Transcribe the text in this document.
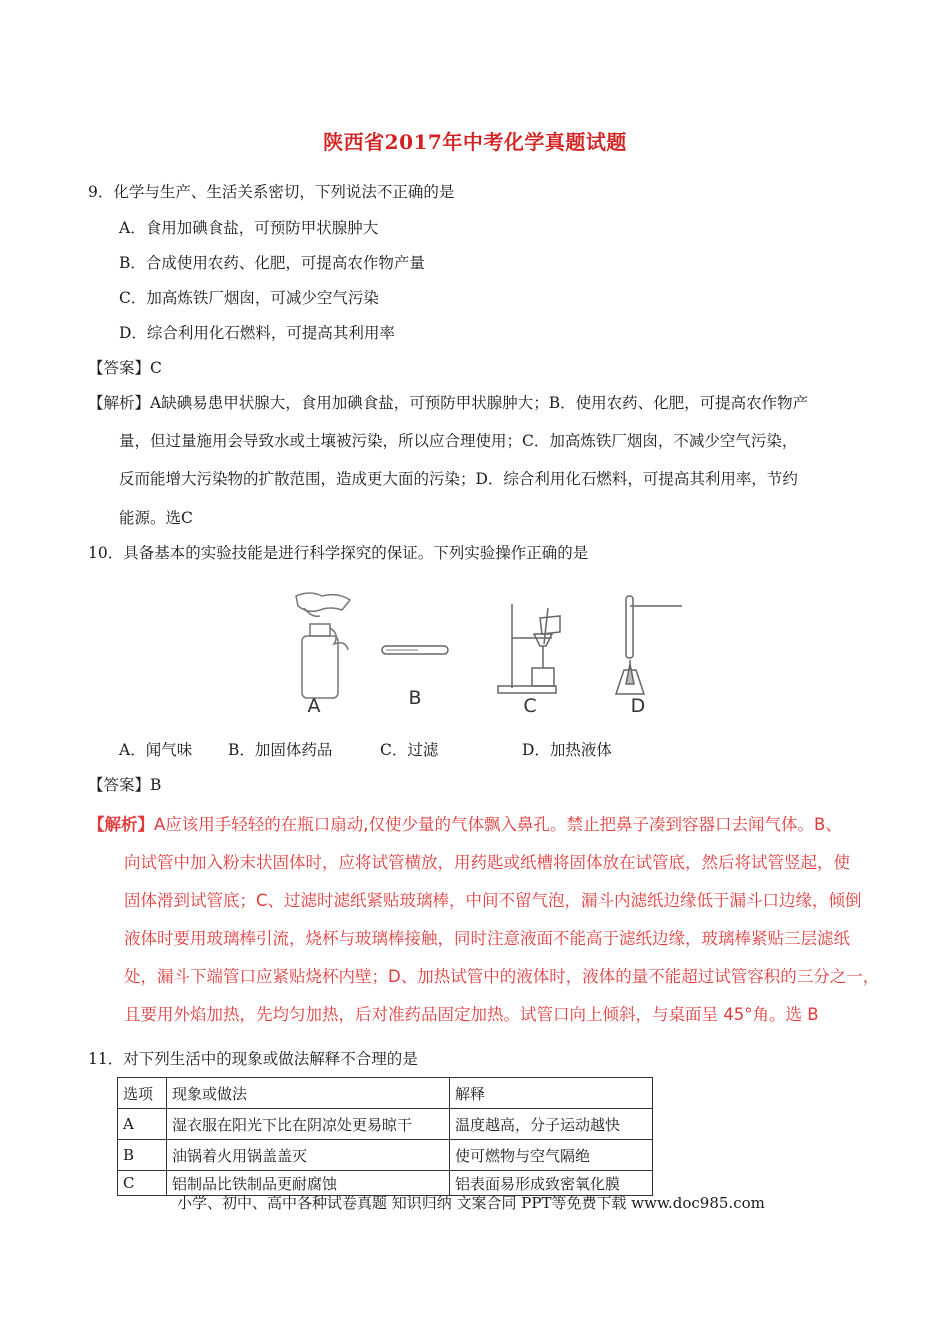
陕西省2017年中考化学真题试题
9．化学与生产、生活关系密切，下列说法不正确的是
A．食用加碘食盐，可预防甲状腺肿大
B．合成使用农药、化肥，可提高农作物产量
C．加高炼铁厂烟囱，可减少空气污染
D．综合利用化石燃料，可提高其利用率
【答案】C
【解析】A缺碘易患甲状腺大，食用加碘食盐，可预防甲状腺肿大；B．使用农药、化肥，可提高农作物产
量，但过量施用会导致水或土壤被污染，所以应合理使用；C．加高炼铁厂烟囱，不减少空气污染，
反而能增大污染物的扩散范围，造成更大面的污染；D．综合利用化石燃料，可提高其利用率，节约
能源。选C
10．具备基本的实验技能是进行科学探究的保证。下列实验操作正确的是
A	B	C	D
A．闻气味 B．加固体药品	C．过滤	D．加热液体
【答案】B
【解析】A应该用手轻轻的在瓶口扇动,仅使少量的气体飘入鼻孔。禁止把鼻子凑到容器口去闻气体。B、
向试管中加入粉末状固体时，应将试管横放，用药匙或纸槽将固体放在试管底，然后将试管竖起，使
固体滑到试管底；C、过滤时滤纸紧贴玻璃棒，中间不留气泡，漏斗内滤纸边缘低于漏斗口边缘，倾倒
液体时要用玻璃棒引流，烧杯与玻璃棒接触，同时注意液面不能高于滤纸边缘，玻璃棒紧贴三层滤纸
处，漏斗下端管口应紧贴烧杯内壁；D、加热试管中的液体时，液体的量不能超过试管容积的三分之一，
且要用外焰加热，先均匀加热，后对准药品固定加热。试管口向上倾斜，与桌面呈 45°角。选 B
11．对下列生活中的现象或做法解释不合理的是
选项	现象或做法	解释
A	湿衣服在阳光下比在阴凉处更易晾干	温度越高，分子运动越快
B	油锅着火用锅盖盖灭	使可燃物与空气隔绝
C	铝制品比铁制品更耐腐蚀	铝表面易形成致密氧化膜
小学、初中、高中各种试卷真题 知识归纳 文案合同 PPT等免费下载 www.doc985.com
